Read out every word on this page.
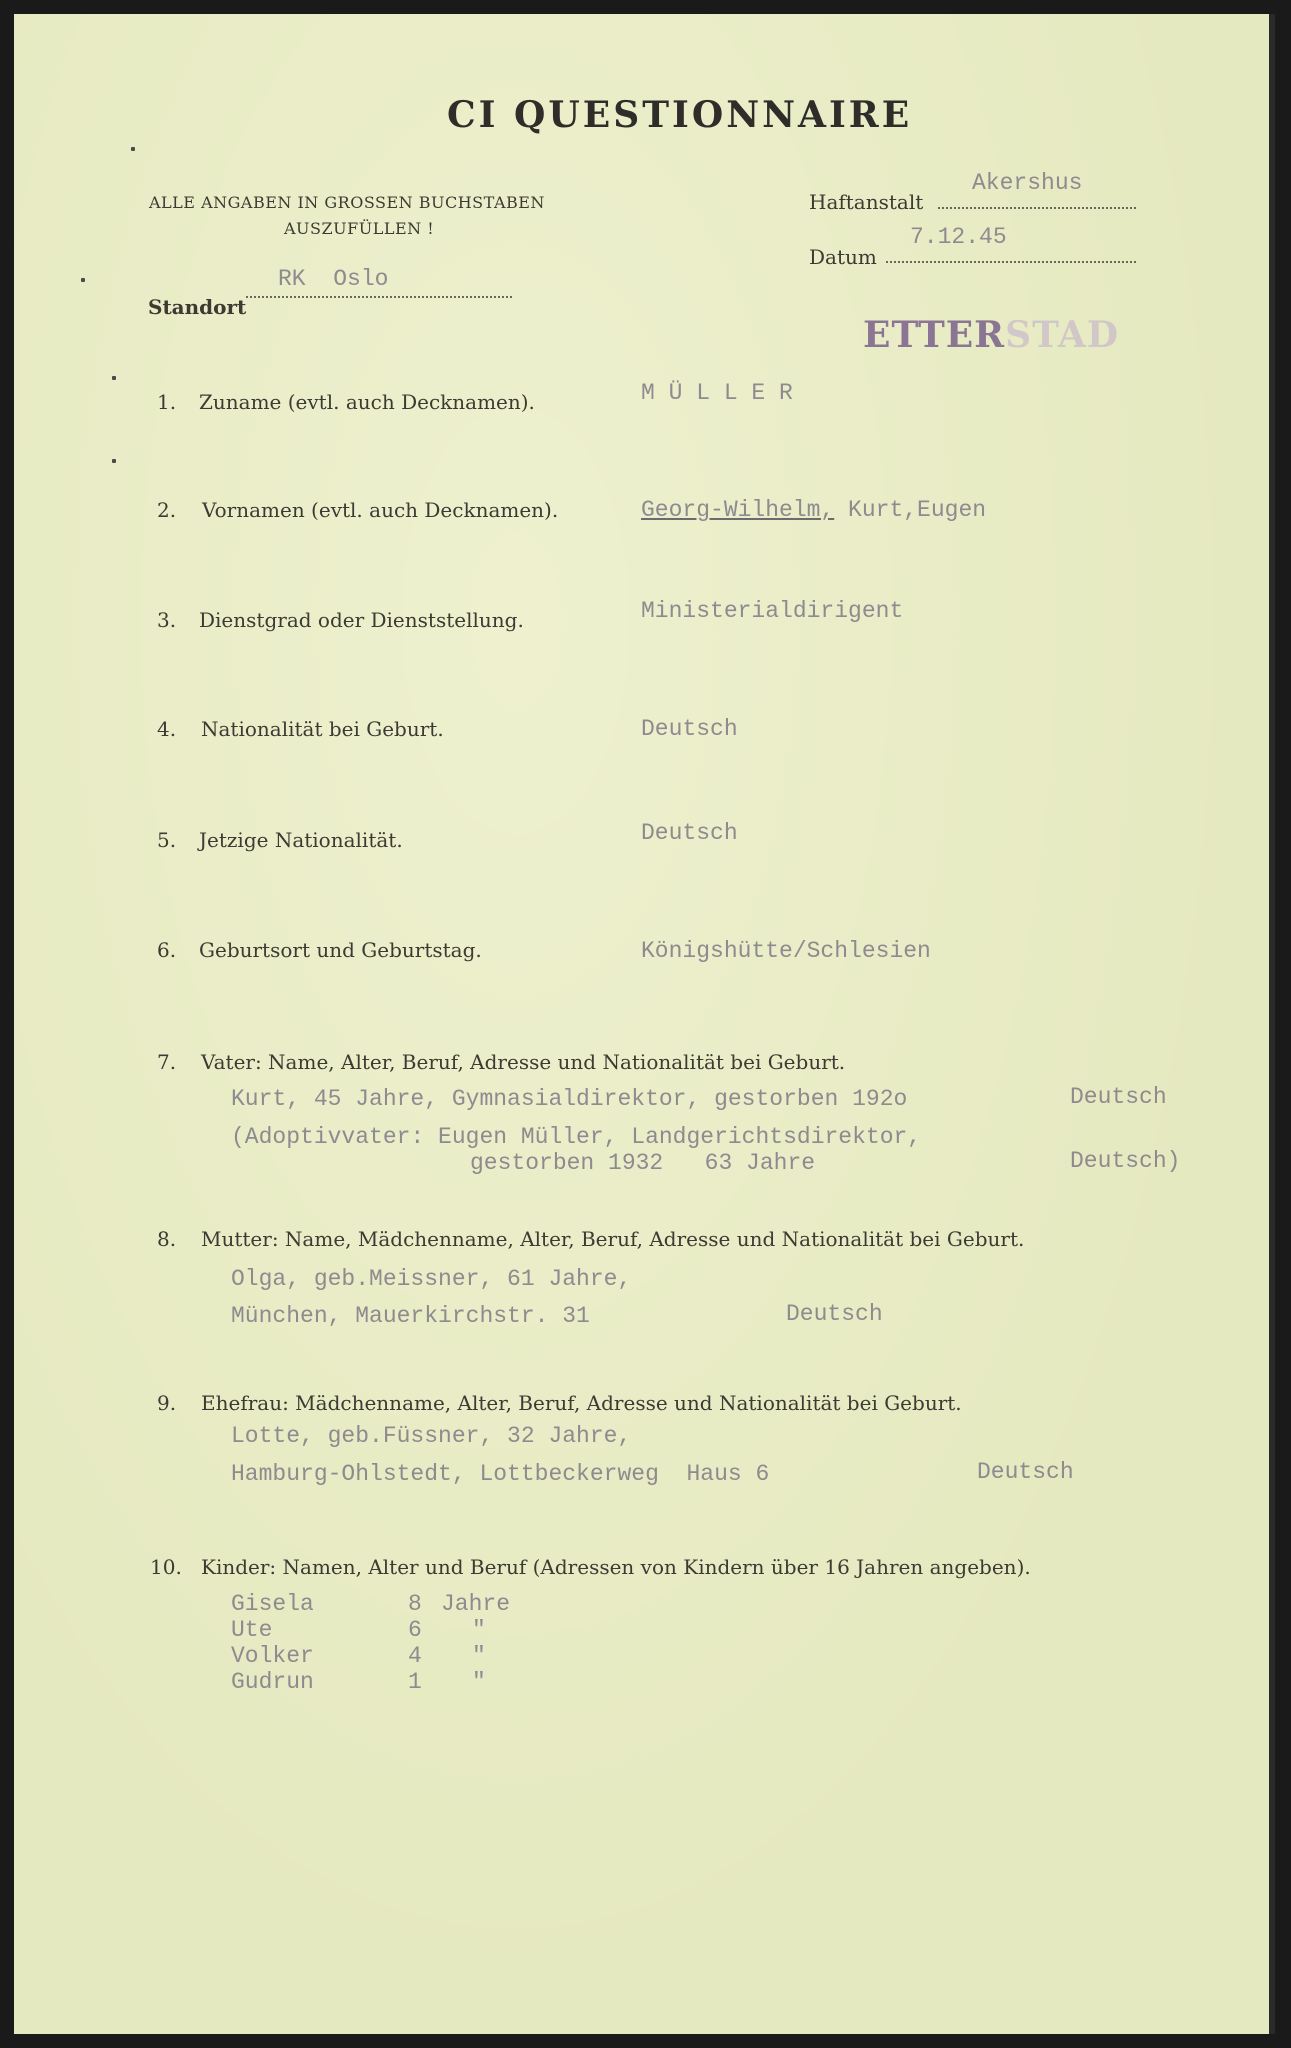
CI QUESTIONNAIRE
ALLE ANGABEN IN GROSSEN BUCHSTABEN
AUSZUFÜLLEN !
Haftanstalt
Akershus
Datum
7.12.45
Standort
RK  Oslo
ETTERSTAD
1. Zuname (evtl. auch Decknamen).	M Ü L L E R
2. Vornamen (evtl. auch Decknamen).	Georg-Wilhelm, Kurt,Eugen
3. Dienstgrad oder Dienststellung.	Ministerialdirigent
4. Nationalität bei Geburt.	Deutsch
5. Jetzige Nationalität.	Deutsch
6. Geburtsort und Geburtstag.	Königshütte/Schlesien
7. Vater: Name, Alter, Beruf, Adresse und Nationalität bei Geburt.
Kurt, 45 Jahre, Gymnasialdirektor, gestorben 192o	Deutsch
(Adoptivvater: Eugen Müller, Landgerichtsdirektor,
gestorben 1932   63 Jahre	Deutsch)
8. Mutter: Name, Mädchenname, Alter, Beruf, Adresse und Nationalität bei Geburt.
Olga, geb.Meissner, 61 Jahre,
München, Mauerkirchstr. 31	Deutsch
9. Ehefrau: Mädchenname, Alter, Beruf, Adresse und Nationalität bei Geburt.
Lotte, geb.Füssner, 32 Jahre,
Hamburg-Ohlstedt, Lottbeckerweg  Haus 6	Deutsch
10. Kinder: Namen, Alter und Beruf (Adressen von Kindern über 16 Jahren angeben).
Gisela	8 Jahre
Ute	6 "
Volker	4 "
Gudrun	1 "
